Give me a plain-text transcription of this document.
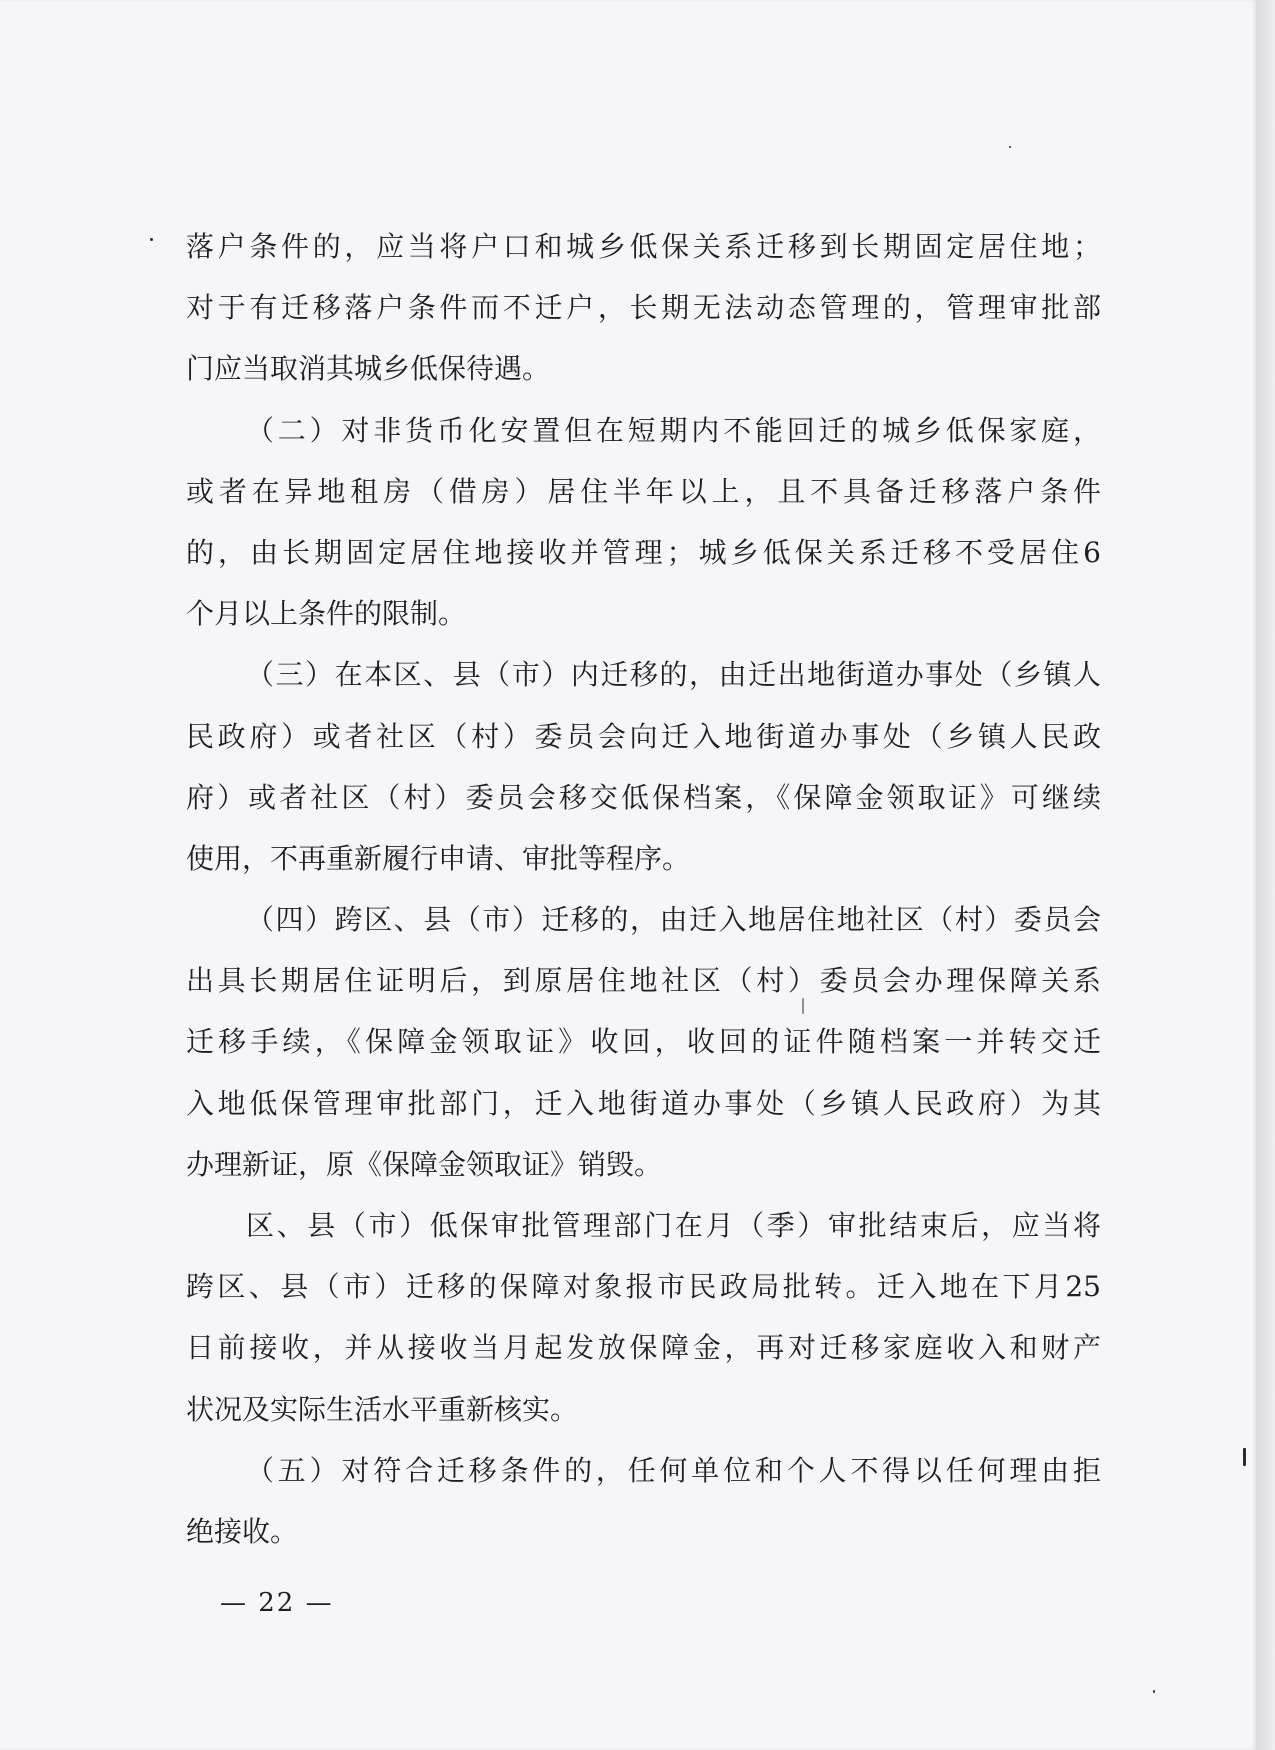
落户条件的，应当将户口和城乡低保关系迁移到长期固定居住地；
对于有迁移落户条件而不迁户，长期无法动态管理的，管理审批部
门应当取消其城乡低保待遇。
（二）对非货币化安置但在短期内不能回迁的城乡低保家庭，
或者在异地租房（借房）居住半年以上，且不具备迁移落户条件
的，由长期固定居住地接收并管理；城乡低保关系迁移不受居住6
个月以上条件的限制。
（三）在本区、县（市）内迁移的，由迁出地街道办事处（乡镇人
民政府）或者社区（村）委员会向迁入地街道办事处（乡镇人民政
府）或者社区（村）委员会移交低保档案，《保障金领取证》可继续
使用，不再重新履行申请、审批等程序。
（四）跨区、县（市）迁移的，由迁入地居住地社区（村）委员会
出具长期居住证明后，到原居住地社区（村）委员会办理保障关系
迁移手续，《保障金领取证》收回，收回的证件随档案一并转交迁
入地低保管理审批部门，迁入地街道办事处（乡镇人民政府）为其
办理新证，原《保障金领取证》销毁。
区、县（市）低保审批管理部门在月（季）审批结束后，应当将
跨区、县（市）迁移的保障对象报市民政局批转。迁入地在下月25
日前接收，并从接收当月起发放保障金，再对迁移家庭收入和财产
状况及实际生活水平重新核实。
（五）对符合迁移条件的，任何单位和个人不得以任何理由拒
绝接收。
— 22 —
